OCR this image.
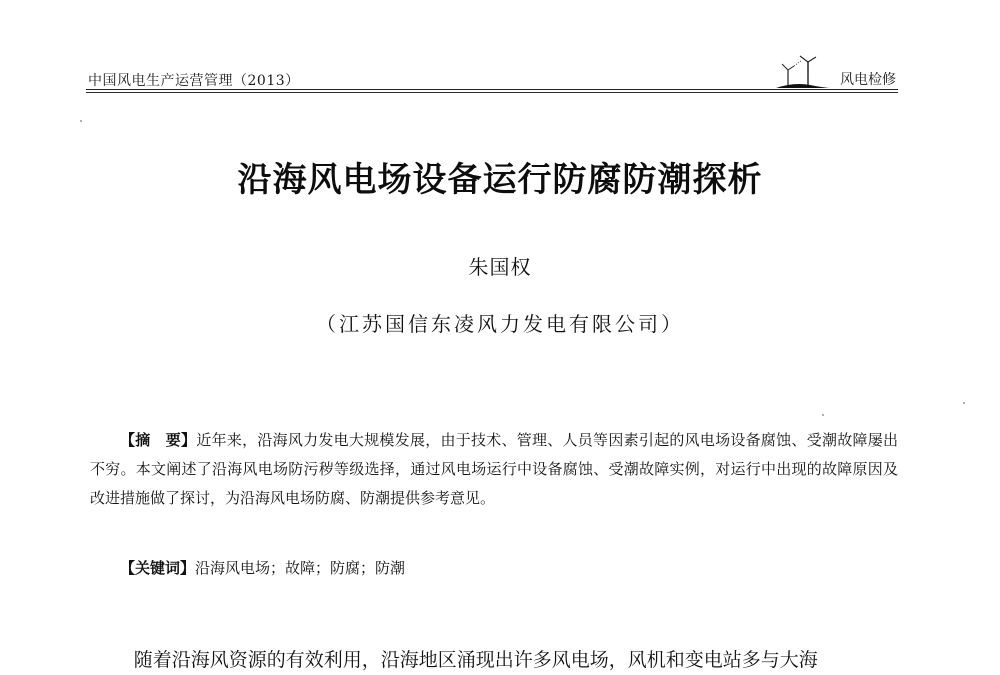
中国风电生产运营管理（2013）	风电检修
沿海风电场设备运行防腐防潮探析
朱国权
（江苏国信东凌风力发电有限公司）
【摘　要】近年来，沿海风力发电大规模发展，由于技术、管理、人员等因素引起的风电场设备腐蚀、受潮故障屡出不穷。本文阐述了沿海风电场防污秽等级选择，通过风电场运行中设备腐蚀、受潮故障实例，对运行中出现的故障原因及改进措施做了探讨，为沿海风电场防腐、防潮提供参考意见。
【关键词】沿海风电场；故障；防腐；防潮
随着沿海风资源的有效利用，沿海地区涌现出许多风电场，风机和变电站多与大海
